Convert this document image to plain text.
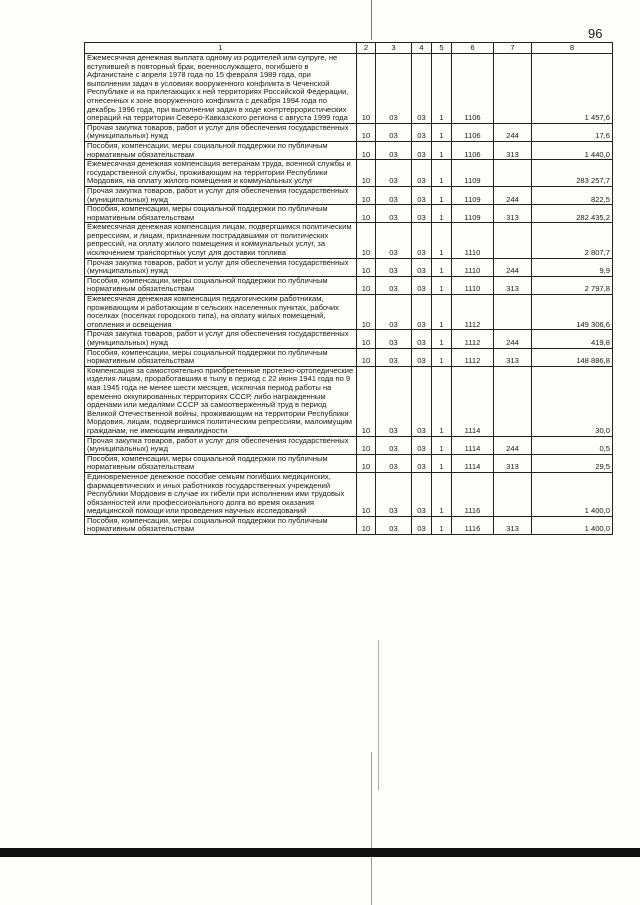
96
1	2	3	4	5	6	7	8
Ежемесячная денежная выплата одному из родителей или супруге, не вступившей в повторный брак, военнослужащего, погибшего в Афганистане с апреля 1978 года по 15 февраля 1989 года, при выполнении задач в условиях вооруженного конфликта в Чеченской Республике и на прилегающих к ней территориях Российской Федерации, отнесенных к зоне вооруженного конфликта с декабря 1994 года по декабрь 1996 года, при выполнении задач в ходе контртеррористических операций на территории Северо-Кавказского региона с августа 1999 года	10	03	03	1	1106		1 457,6
Прочая закупка товаров, работ и услуг для обеспечения государственных (муниципальных) нужд	10	03	03	1	1106	244	17,6
Пособия, компенсации, меры социальной поддержки по публичным нормативным обязательствам	10	03	03	1	1106	313	1 440,0
Ежемесячная денежная компенсация ветеранам труда, военной службы и государственной службы, проживающим на территории Республики Мордовия, на оплату жилого помещения и коммунальных услуг	10	03	03	1	1109		283 257,7
Прочая закупка товаров, работ и услуг для обеспечения государственных (муниципальных) нужд	10	03	03	1	1109	244	822,5
Пособия, компенсации, меры социальной поддержки по публичным нормативным обязательствам	10	03	03	1	1109	313	282 435,2
Ежемесячная денежная компенсация лицам, подвергшимся политическим репрессиям, и лицам, признанным пострадавшими от политических репрессий, на оплату жилого помещения и коммунальных услуг, за исключением транспортных услуг для доставки топлива	10	03	03	1	1110		2 807,7
Прочая закупка товаров, работ и услуг для обеспечения государственных (муниципальных) нужд	10	03	03	1	1110	244	9,9
Пособия, компенсации, меры социальной поддержки по публичным нормативным обязательствам	10	03	03	1	1110	313	2 797,8
Ежемесячная денежная компенсация педагогическим работникам, проживающим и работающим в сельских населенных пунктах, рабочих поселках (поселках городского типа), на оплату жилых помещений, отопления и освещения	10	03	03	1	1112		149 306,6
Прочая закупка товаров, работ и услуг для обеспечения государственных (муниципальных) нужд	10	03	03	1	1112	244	419,8
Пособия, компенсации, меры социальной поддержки по публичным нормативным обязательствам	10	03	03	1	1112	313	148 886,8
Компенсация за самостоятельно приобретенные протезно-ортопедические изделия лицам, проработавшим в тылу в период с 22 июня 1941 года по 9 мая 1945 года не менее шести месяцев, исключая период работы на временно оккупированных территориях СССР, либо награжденным орденами или медалями СССР за самоотверженный труд в период Великой Отечественной войны, проживающим на территории Республики Мордовия, лицам, подвергшимся политическим репрессиям, малоимущим гражданам, не имеющим инвалидности	10	03	03	1	1114		30,0
Прочая закупка товаров, работ и услуг для обеспечения государственных (муниципальных) нужд	10	03	03	1	1114	244	0,5
Пособия, компенсации, меры социальной поддержки по публичным нормативным обязательствам	10	03	03	1	1114	313	29,5
Единовременное денежное пособие семьям погибших медицинских, фармацевтических и иных работников государственных учреждений Республики Мордовия в случае их гибели при исполнении ими трудовых обязанностей или профессионального долга во время оказания медицинской помощи или проведения научных исследований	10	03	03	1	1116		1 400,0
Пособия, компенсации, меры социальной поддержки по публичным нормативным обязательствам	10	03	03	1	1116	313	1 400,0
